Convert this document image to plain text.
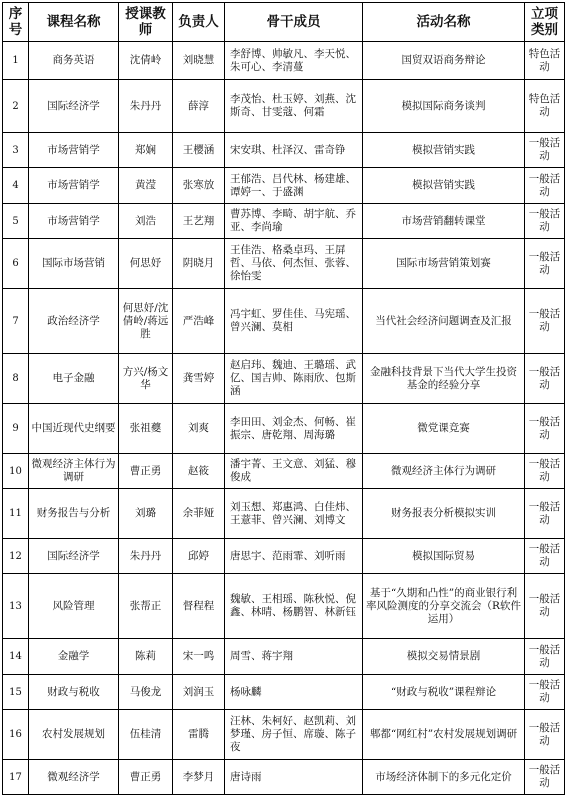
序号	课程名称	授课教师	负责人	骨干成员	活动名称	立项类别
1	商务英语	沈倩岭	刘晓慧	李舒博、帅敏凡、李天悦、朱可心、李清蔓	国贸双语商务辩论	特色活动
2	国际经济学	朱丹丹	薛淳	李茂怡、杜玉婷、刘燕、沈斯奇、甘雯蔻、何霜	模拟国际商务谈判	特色活动
3	市场营销学	郑娴	王樱涵	宋安琪、杜泽汉、雷奇铮	模拟营销实践	一般活动
4	市场营销学	黄滢	张寒放	王郁浩、吕代林、杨建雄、谭婷一、于盛渊	模拟营销实践	一般活动
5	市场营销学	刘浩	王艺翔	曹苏博、李畸、胡宇航、乔亚、李尚瑜	市场营销翻转课堂	一般活动
6	国际市场营销	何思妤	阴晓月	王佳浩、格桑卓玛、王屏哲、马依、何杰恒、张蓉、徐怡雯	国际市场营销策划赛	一般活动
7	政治经济学	何思妤/沈倩岭/蒋远胜	严浩峰	冯宇虹、罗佳佳、马宪瑶、曾兴澜、莫相	当代社会经济问题调查及汇报	一般活动
8	电子金融	方兴/杨文华	龚雪婷	赵启玮、魏迪、王璐瑶、武亿、国吉帅、陈雨欣、包斯涵	金融科技背景下当代大学生投资基金的经验分享	一般活动
9	中国近现代史纲要	张祖夔	刘爽	李田田、刘金杰、何畅、崔振宗、唐乾翔、周海璐	微党课竞赛	一般活动
10	微观经济主体行为调研	曹正勇	赵筱	潘宇菁、王文意、刘猛、穆俊成	微观经济主体行为调研	一般活动
11	财务报告与分析	刘璐	余菲娅	刘玉想、郑惠鸿、白佳炜、王薏菲、曾兴澜、刘博文	财务报表分析模拟实训	一般活动
12	国际经济学	朱丹丹	邱婷	唐思宇、范雨霏、刘听雨	模拟国际贸易	一般活动
13	风险管理	张帮正	督程程	魏敏、王相瑶、陈秋悦、倪鑫、林晴、杨鹏智、林新钰	基于“久期和凸性”的商业银行利率风险测度的分享交流会（R软件运用）	一般活动
14	金融学	陈莉	宋一鸣	周雪、蒋宇翔	模拟交易情景剧	一般活动
15	财政与税收	马俊龙	刘润玉	杨咏麟	“财政与税收”课程辩论	一般活动
16	农村发展规划	伍桂清	雷腾	汪林、朱柯好、赵凯莉、刘梦瑾、房子恒、席璇、陈子夜	郫都“网红村”农村发展规划调研	一般活动
17	微观经济学	曹正勇	李梦月	唐诗雨	市场经济体制下的多元化定价	一般活动
